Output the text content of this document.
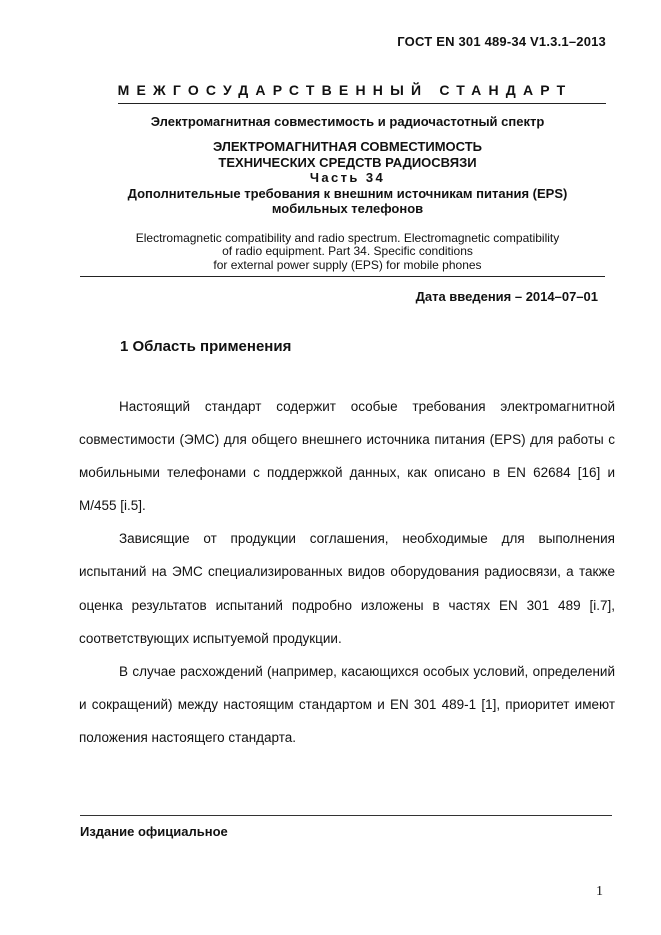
ГОСТ EN 301 489-34 V1.3.1–2013
МЕЖГОСУДАРСТВЕННЫЙ СТАНДАРТ
Электромагнитная совместимость и радиочастотный спектр
ЭЛЕКТРОМАГНИТНАЯ СОВМЕСТИМОСТЬ
ТЕХНИЧЕСКИХ СРЕДСТВ РАДИОСВЯЗИ
Часть 34
Дополнительные требования к внешним источникам питания (EPS)
мобильных телефонов
Electromagnetic compatibility and radio spectrum. Electromagnetic compatibility
of radio equipment. Part 34. Specific conditions
for external power supply (EPS) for mobile phones
Дата введения – 2014–07–01
1 Область применения

Настоящий стандарт содержит особые требования электромагнитной совместимости (ЭМС) для общего внешнего источника питания (EPS) для работы с мобильными телефонами с поддержкой данных, как описано в EN 62684 [16] и M/455 [i.5].

Зависящие от продукции соглашения, необходимые для выполнения испытаний на ЭМС специализированных видов оборудования радиосвязи, а также оценка результатов испытаний подробно изложены в частях EN 301 489 [i.7], соответствующих испытуемой продукции.

В случае расхождений (например, касающихся особых условий, определений и сокращений) между настоящим стандартом и EN 301 489-1 [1], приоритет имеют положения настоящего стандарта.

Издание официальное
1
